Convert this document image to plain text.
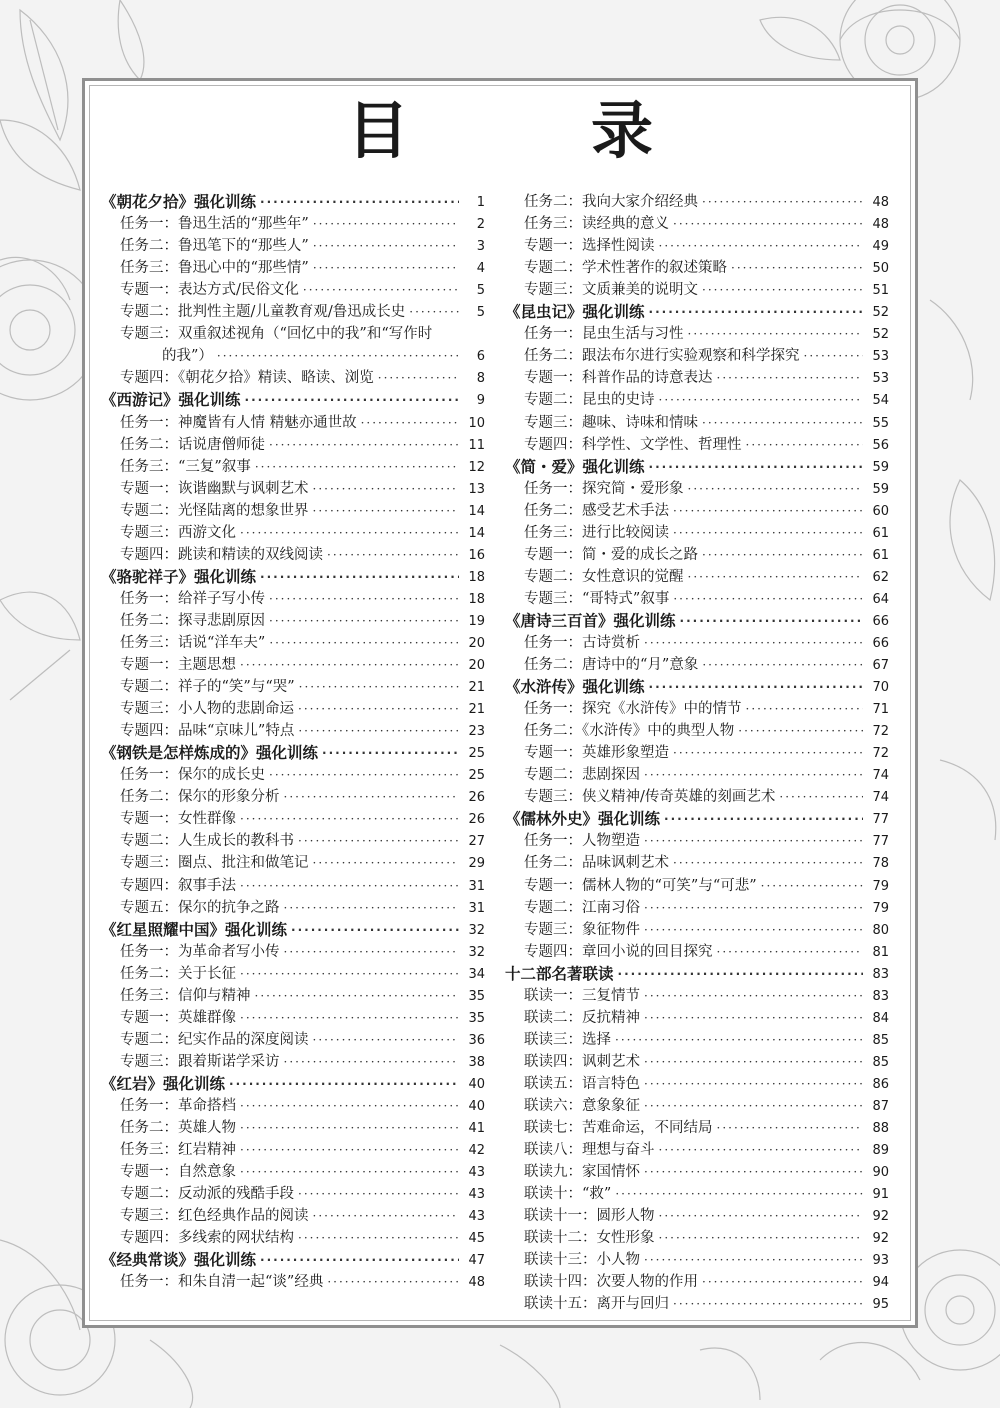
目　录
《朝花夕拾》强化训练 ·····	1
任务一：鲁迅生活的“那些年” ·····	2
任务二：鲁迅笔下的“那些人” ·····	3
任务三：鲁迅心中的“那些情” ·····	4
专题一：表达方式/民俗文化 ·····	5
专题二：批判性主题/儿童教育观/鲁迅成长史 ·····	5
专题三：双重叙述视角（“回忆中的我”和“写作时
的我”） ·····	6
专题四：《朝花夕拾》精读、略读、浏览 ·····	8
《西游记》强化训练 ·····	9
任务一：神魔皆有人情 精魅亦通世故 ·····	10
任务二：话说唐僧师徒 ·····	11
任务三：“三复”叙事 ·····	12
专题一：诙谐幽默与讽刺艺术 ·····	13
专题二：光怪陆离的想象世界 ·····	14
专题三：西游文化 ·····	14
专题四：跳读和精读的双线阅读 ·····	16
《骆驼祥子》强化训练 ·····	18
任务一：给祥子写小传 ·····	18
任务二：探寻悲剧原因 ·····	19
任务三：话说“洋车夫” ·····	20
专题一：主题思想 ·····	20
专题二：祥子的“笑”与“哭” ·····	21
专题三：小人物的悲剧命运 ·····	21
专题四：品味“京味儿”特点 ·····	23
《钢铁是怎样炼成的》强化训练 ·····	25
任务一：保尔的成长史 ·····	25
任务二：保尔的形象分析 ·····	26
专题一：女性群像 ·····	26
专题二：人生成长的教科书 ·····	27
专题三：圈点、批注和做笔记 ·····	29
专题四：叙事手法 ·····	31
专题五：保尔的抗争之路 ·····	31
《红星照耀中国》强化训练 ·····	32
任务一：为革命者写小传 ·····	32
任务二：关于长征 ·····	34
任务三：信仰与精神 ·····	35
专题一：英雄群像 ·····	35
专题二：纪实作品的深度阅读 ·····	36
专题三：跟着斯诺学采访 ·····	38
《红岩》强化训练 ·····	40
任务一：革命搭档 ·····	40
任务二：英雄人物 ·····	41
任务三：红岩精神 ·····	42
专题一：自然意象 ·····	43
专题二：反动派的残酷手段 ·····	43
专题三：红色经典作品的阅读 ·····	43
专题四：多线索的网状结构 ·····	45
《经典常谈》强化训练 ·····	47
任务一：和朱自清一起“谈”经典 ·····	48
任务二：我向大家介绍经典 ·····	48
任务三：读经典的意义 ·····	48
专题一：选择性阅读 ·····	49
专题二：学术性著作的叙述策略 ·····	50
专题三：文质兼美的说明文 ·····	51
《昆虫记》强化训练 ·····	52
任务一：昆虫生活与习性 ·····	52
任务二：跟法布尔进行实验观察和科学探究 ·····	53
专题一：科普作品的诗意表达 ·····	53
专题二：昆虫的史诗 ·····	54
专题三：趣味、诗味和情味 ·····	55
专题四：科学性、文学性、哲理性 ·····	56
《简・爱》强化训练 ·····	59
任务一：探究简・爱形象 ·····	59
任务二：感受艺术手法 ·····	60
任务三：进行比较阅读 ·····	61
专题一：简・爱的成长之路 ·····	61
专题二：女性意识的觉醒 ·····	62
专题三：“哥特式”叙事 ·····	64
《唐诗三百首》强化训练 ·····	66
任务一：古诗赏析 ·····	66
任务二：唐诗中的“月”意象 ·····	67
《水浒传》强化训练 ·····	70
任务一：探究《水浒传》中的情节 ·····	71
任务二：《水浒传》中的典型人物 ·····	72
专题一：英雄形象塑造 ·····	72
专题二：悲剧探因 ·····	74
专题三：侠义精神/传奇英雄的刻画艺术 ·····	74
《儒林外史》强化训练 ·····	77
任务一：人物塑造 ·····	77
任务二：品味讽刺艺术 ·····	78
专题一：儒林人物的“可笑”与“可悲” ·····	79
专题二：江南习俗 ·····	79
专题三：象征物件 ·····	80
专题四：章回小说的回目探究 ·····	81
十二部名著联读 ·····	83
联读一：三复情节 ·····	83
联读二：反抗精神 ·····	84
联读三：选择 ·····	85
联读四：讽刺艺术 ·····	85
联读五：语言特色 ·····	86
联读六：意象象征 ·····	87
联读七：苦难命运，不同结局 ·····	88
联读八：理想与奋斗 ·····	89
联读九：家国情怀 ·····	90
联读十：“救” ·····	91
联读十一：圆形人物 ·····	92
联读十二：女性形象 ·····	92
联读十三：小人物 ·····	93
联读十四：次要人物的作用 ·····	94
联读十五：离开与回归 ·····	95
